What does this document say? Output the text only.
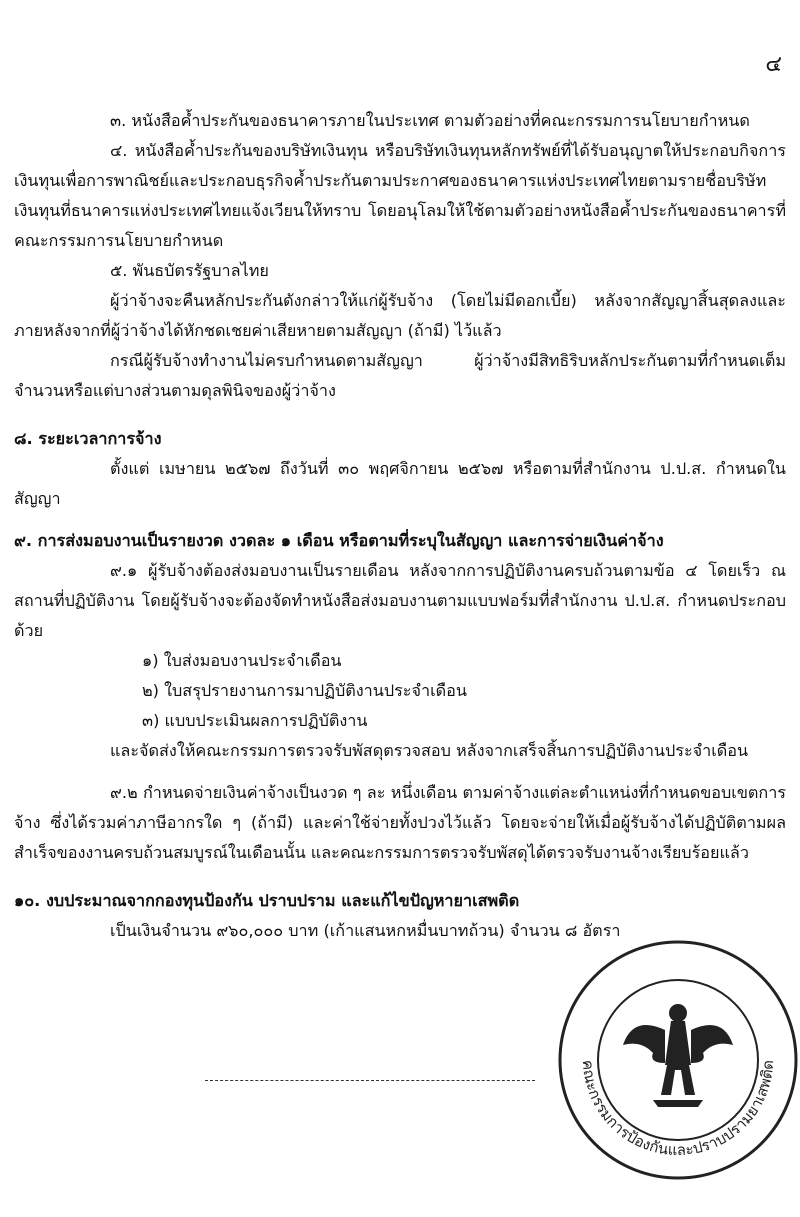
๔

๓. หนังสือค้ำประกันของธนาคารภายในประเทศ ตามตัวอย่างที่คณะกรรมการนโยบายกำหนด

๔. หนังสือค้ำประกันของบริษัทเงินทุน หรือบริษัทเงินทุนหลักทรัพย์ที่ได้รับอนุญาตให้ประกอบกิจการเงินทุนเพื่อการพาณิชย์และประกอบธุรกิจค้ำประกันตามประกาศของธนาคารแห่งประเทศไทยตามรายชื่อบริษัทเงินทุนที่ธนาคารแห่งประเทศไทยแจ้งเวียนให้ทราบ โดยอนุโลมให้ใช้ตามตัวอย่างหนังสือค้ำประกันของธนาคารที่คณะกรรมการนโยบายกำหนด

๕. พันธบัตรรัฐบาลไทย

ผู้ว่าจ้างจะคืนหลักประกันดังกล่าวให้แก่ผู้รับจ้าง (โดยไม่มีดอกเบี้ย) หลังจากสัญญาสิ้นสุดลงและภายหลังจากที่ผู้ว่าจ้างได้หักชดเชยค่าเสียหายตามสัญญา (ถ้ามี) ไว้แล้ว

กรณีผู้รับจ้างทำงานไม่ครบกำหนดตามสัญญา ผู้ว่าจ้างมีสิทธิริบหลักประกันตามที่กำหนดเต็มจำนวนหรือแต่บางส่วนตามดุลพินิจของผู้ว่าจ้าง

๘. ระยะเวลาการจ้าง

ตั้งแต่ เมษายน ๒๕๖๗ ถึงวันที่ ๓๐ พฤศจิกายน ๒๕๖๗ หรือตามที่สำนักงาน ป.ป.ส. กำหนดในสัญญา

๙. การส่งมอบงานเป็นรายงวด งวดละ ๑ เดือน หรือตามที่ระบุในสัญญา และการจ่ายเงินค่าจ้าง

๙.๑ ผู้รับจ้างต้องส่งมอบงานเป็นรายเดือน หลังจากการปฏิบัติงานครบถ้วนตามข้อ ๔ โดยเร็ว ณ สถานที่ปฏิบัติงาน โดยผู้รับจ้างจะต้องจัดทำหนังสือส่งมอบงานตามแบบฟอร์มที่สำนักงาน ป.ป.ส. กำหนดประกอบด้วย

๑) ใบส่งมอบงานประจำเดือน

๒) ใบสรุปรายงานการมาปฏิบัติงานประจำเดือน

๓) แบบประเมินผลการปฏิบัติงาน

และจัดส่งให้คณะกรรมการตรวจรับพัสดุตรวจสอบ หลังจากเสร็จสิ้นการปฏิบัติงานประจำเดือน

๙.๒ กำหนดจ่ายเงินค่าจ้างเป็นงวด ๆ ละ หนึ่งเดือน ตามค่าจ้างแต่ละตำแหน่งที่กำหนดขอบเขตการจ้าง ซึ่งได้รวมค่าภาษีอากรใด ๆ (ถ้ามี) และค่าใช้จ่ายทั้งปวงไว้แล้ว โดยจะจ่ายให้เมื่อผู้รับจ้างได้ปฏิบัติตามผลสำเร็จของงานครบถ้วนสมบูรณ์ในเดือนนั้น และคณะกรรมการตรวจรับพัสดุได้ตรวจรับงานจ้างเรียบร้อยแล้ว

๑๐. งบประมาณจากกองทุนป้องกัน ปราบปราม และแก้ไขปัญหายาเสพติด

เป็นเงินจำนวน ๙๖๐,๐๐๐ บาท (เก้าแสนหกหมื่นบาทถ้วน) จำนวน ๘ อัตรา

คณะกรรมการป้องกันและปราบปรามยาเสพติด
